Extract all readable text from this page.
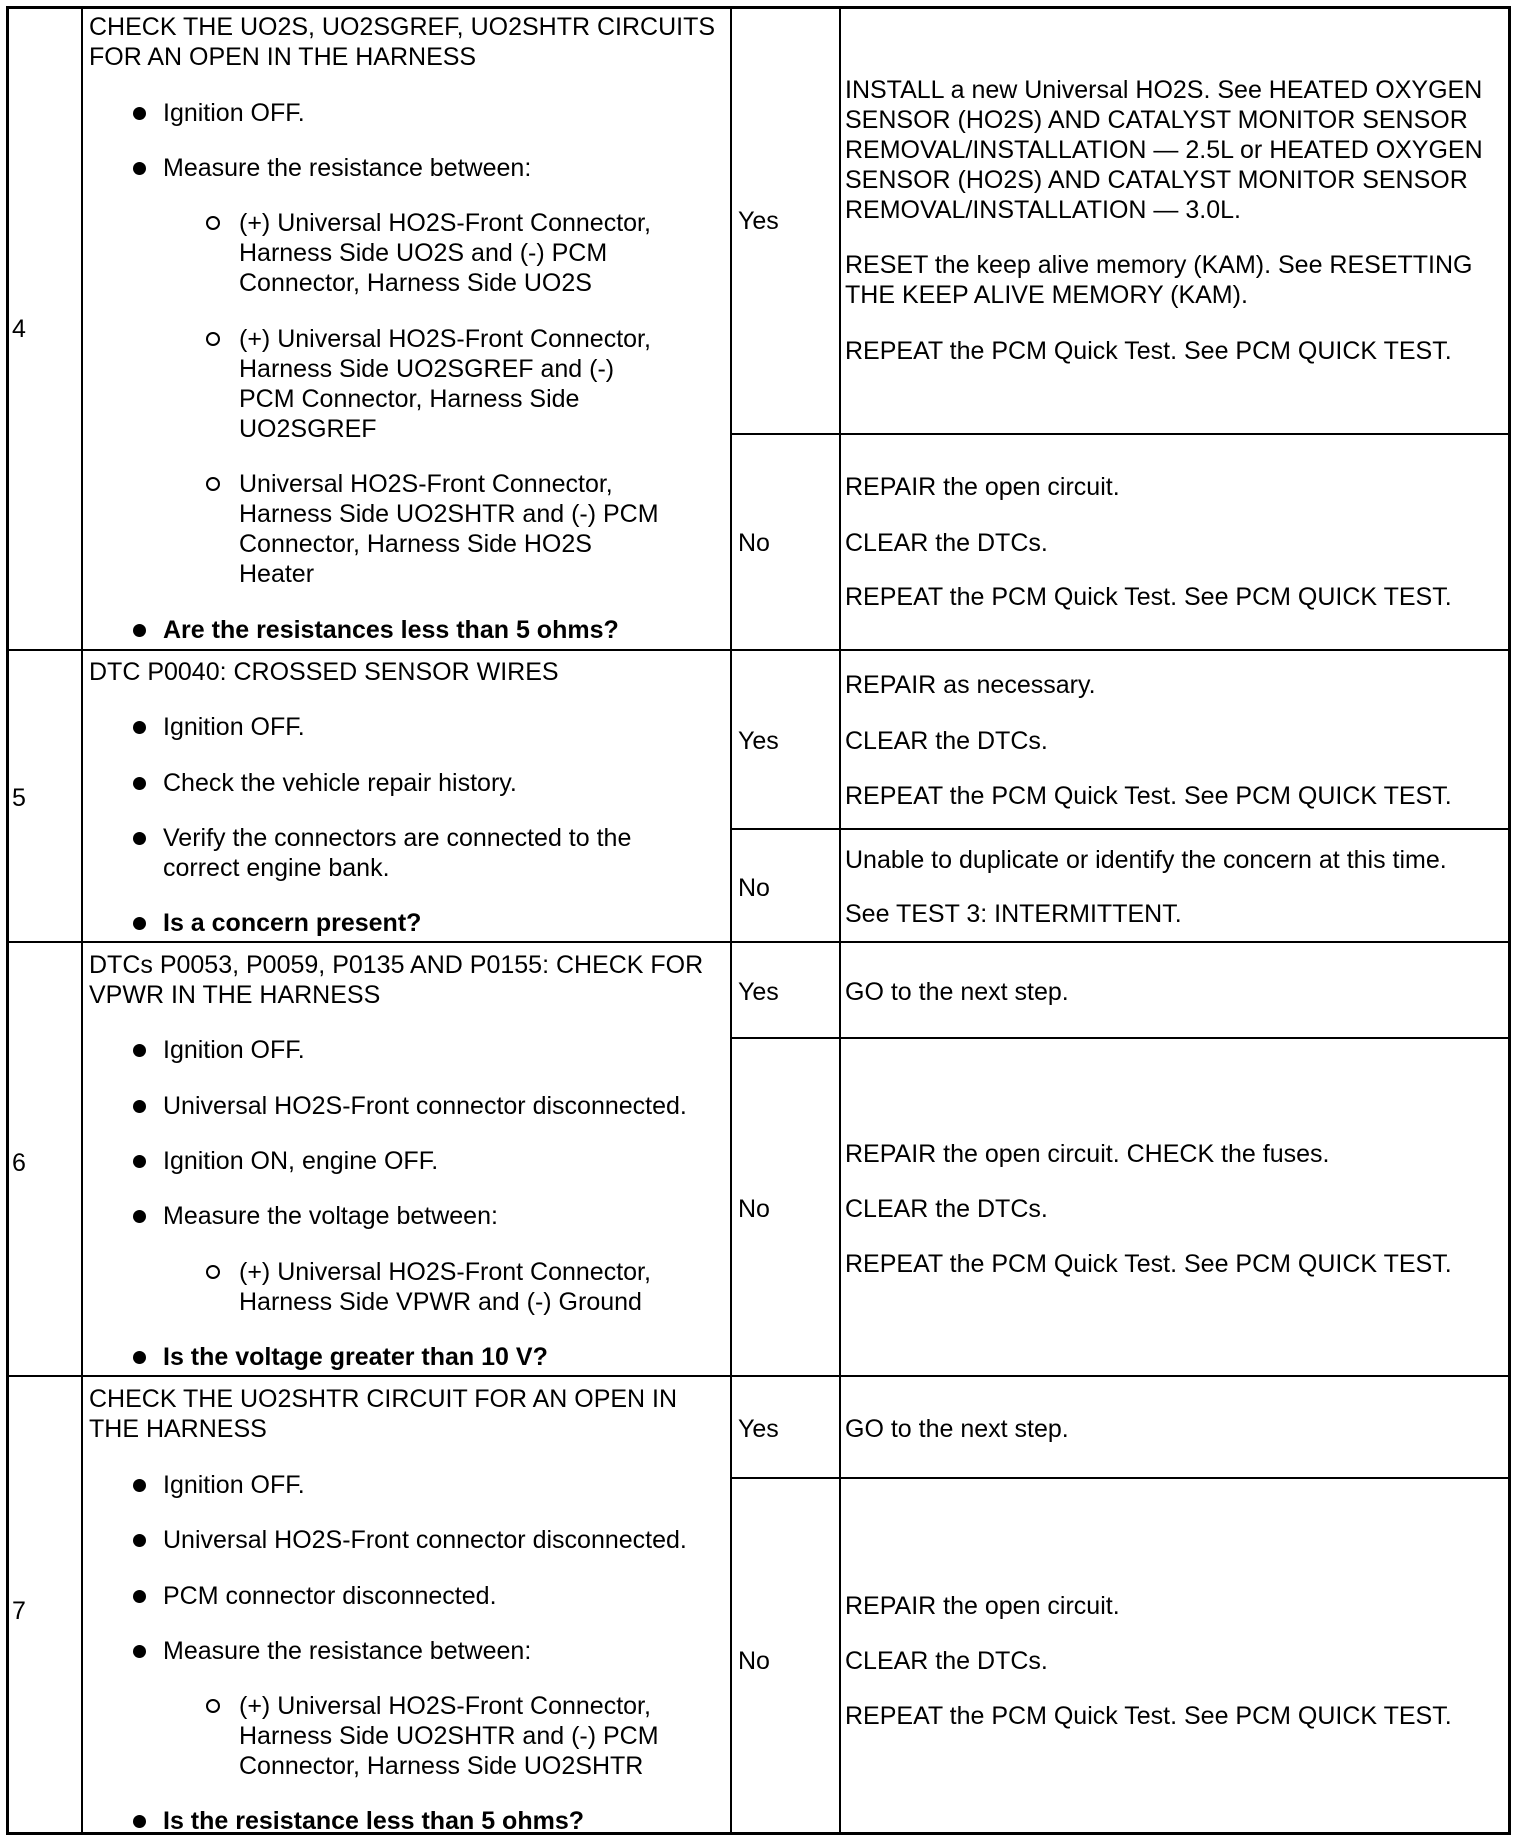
4

CHECK THE UO2S, UO2SGREF, UO2SHTR CIRCUITS

FOR AN OPEN IN THE HARNESS

Ignition OFF.

Measure the resistance between:

(+) Universal HO2S-Front Connector,

Harness Side UO2S and (-) PCM

Connector, Harness Side UO2S

(+) Universal HO2S-Front Connector,

Harness Side UO2SGREF and (-)

PCM Connector, Harness Side

UO2SGREF

Universal HO2S-Front Connector,

Harness Side UO2SHTR and (-) PCM

Connector, Harness Side HO2S

Heater

Are the resistances less than 5 ohms?

Yes

INSTALL a new Universal HO2S. See HEATED OXYGEN

SENSOR (HO2S) AND CATALYST MONITOR SENSOR

REMOVAL/INSTALLATION — 2.5L or HEATED OXYGEN

SENSOR (HO2S) AND CATALYST MONITOR SENSOR

REMOVAL/INSTALLATION — 3.0L.

RESET the keep alive memory (KAM). See RESETTING

THE KEEP ALIVE MEMORY (KAM).

REPEAT the PCM Quick Test. See PCM QUICK TEST.

No

REPAIR the open circuit.

CLEAR the DTCs.

REPEAT the PCM Quick Test. See PCM QUICK TEST.

5

DTC P0040: CROSSED SENSOR WIRES

Ignition OFF.

Check the vehicle repair history.

Verify the connectors are connected to the

correct engine bank.

Is a concern present?

Yes

REPAIR as necessary.

CLEAR the DTCs.

REPEAT the PCM Quick Test. See PCM QUICK TEST.

No

Unable to duplicate or identify the concern at this time.

See TEST 3: INTERMITTENT.

6

DTCs P0053, P0059, P0135 AND P0155: CHECK FOR

VPWR IN THE HARNESS

Ignition OFF.

Universal HO2S-Front connector disconnected.

Ignition ON, engine OFF.

Measure the voltage between:

(+) Universal HO2S-Front Connector,

Harness Side VPWR and (-) Ground

Is the voltage greater than 10 V?

Yes	GO to the next step.

No

REPAIR the open circuit. CHECK the fuses.

CLEAR the DTCs.

REPEAT the PCM Quick Test. See PCM QUICK TEST.

7

CHECK THE UO2SHTR CIRCUIT FOR AN OPEN IN

THE HARNESS

Ignition OFF.

Universal HO2S-Front connector disconnected.

PCM connector disconnected.

Measure the resistance between:

(+) Universal HO2S-Front Connector,

Harness Side UO2SHTR and (-) PCM

Connector, Harness Side UO2SHTR

Is the resistance less than 5 ohms?

Yes	GO to the next step.

No

REPAIR the open circuit.

CLEAR the DTCs.

REPEAT the PCM Quick Test. See PCM QUICK TEST.
